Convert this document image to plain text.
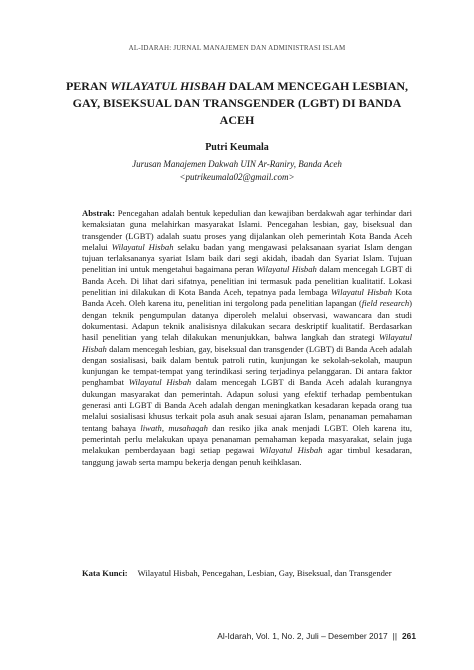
AL-IDARAH: JURNAL MANAJEMEN DAN ADMINISTRASI ISLAM
PERAN WILAYATUL HISBAH DALAM MENCEGAH LESBIAN, GAY, BISEKSUAL DAN TRANSGENDER (LGBT) DI BANDA ACEH
Putri Keumala
Jurusan Manajemen Dakwah UIN Ar-Raniry, Banda Aceh
<putrikeumala02@gmail.com>
Abstrak: Pencegahan adalah bentuk kepedulian dan kewajiban berdakwah agar terhindar dari kemaksiatan guna melahirkan masyarakat Islami. Pencegahan lesbian, gay, biseksual dan transgender (LGBT) adalah suatu proses yang dijalankan oleh pemerintah Kota Banda Aceh melalui Wilayatul Hisbah selaku badan yang mengawasi pelaksanaan syariat Islam dengan tujuan terlaksananya syariat Islam baik dari segi akidah, ibadah dan Syariat Islam. Tujuan penelitian ini untuk mengetahui bagaimana peran Wilayatul Hisbah dalam mencegah LGBT di Banda Aceh. Di lihat dari sifatnya, penelitian ini termasuk pada penelitian kualitatif. Lokasi penelitian ini dilakukan di Kota Banda Aceh, tepatnya pada lembaga Wilayatul Hisbah Kota Banda Aceh. Oleh karena itu, penelitian ini tergolong pada penelitian lapangan (field research) dengan teknik pengumpulan datanya diperoleh melalui observasi, wawancara dan studi dokumentasi. Adapun teknik analisisnya dilakukan secara deskriptif kualitatif. Berdasarkan hasil penelitian yang telah dilakukan menunjukkan, bahwa langkah dan strategi Wilayatul Hisbah dalam mencegah lesbian, gay, biseksual dan transgender (LGBT) di Banda Aceh adalah dengan sosialisasi, baik dalam bentuk patroli rutin, kunjungan ke sekolah-sekolah, maupun kunjungan ke tempat-tempat yang terindikasi sering terjadinya pelanggaran. Di antara faktor penghambat Wilayatul Hisbah dalam mencegah LGBT di Banda Aceh adalah kurangnya dukungan masyarakat dan pemerintah. Adapun solusi yang efektif terhadap pembentukan generasi anti LGBT di Banda Aceh adalah dengan meningkatkan kesadaran kepada orang tua melalui sosialisasi khusus terkait pola asuh anak sesuai ajaran Islam, penanaman pemahaman tentang bahaya liwath, musahaqah dan resiko jika anak menjadi LGBT. Oleh karena itu, pemerintah perlu melakukan upaya penanaman pemahaman kepada masyarakat, selain juga melakukan pemberdayaan bagi setiap pegawai Wilayatul Hisbah agar timbul kesadaran, tanggung jawab serta mampu bekerja dengan penuh keihklasan.
Kata Kunci: Wilayatul Hisbah, Pencegahan, Lesbian, Gay, Biseksual, dan Transgender
Al-Idarah, Vol. 1, No. 2, Juli – Desember 2017 || 261
